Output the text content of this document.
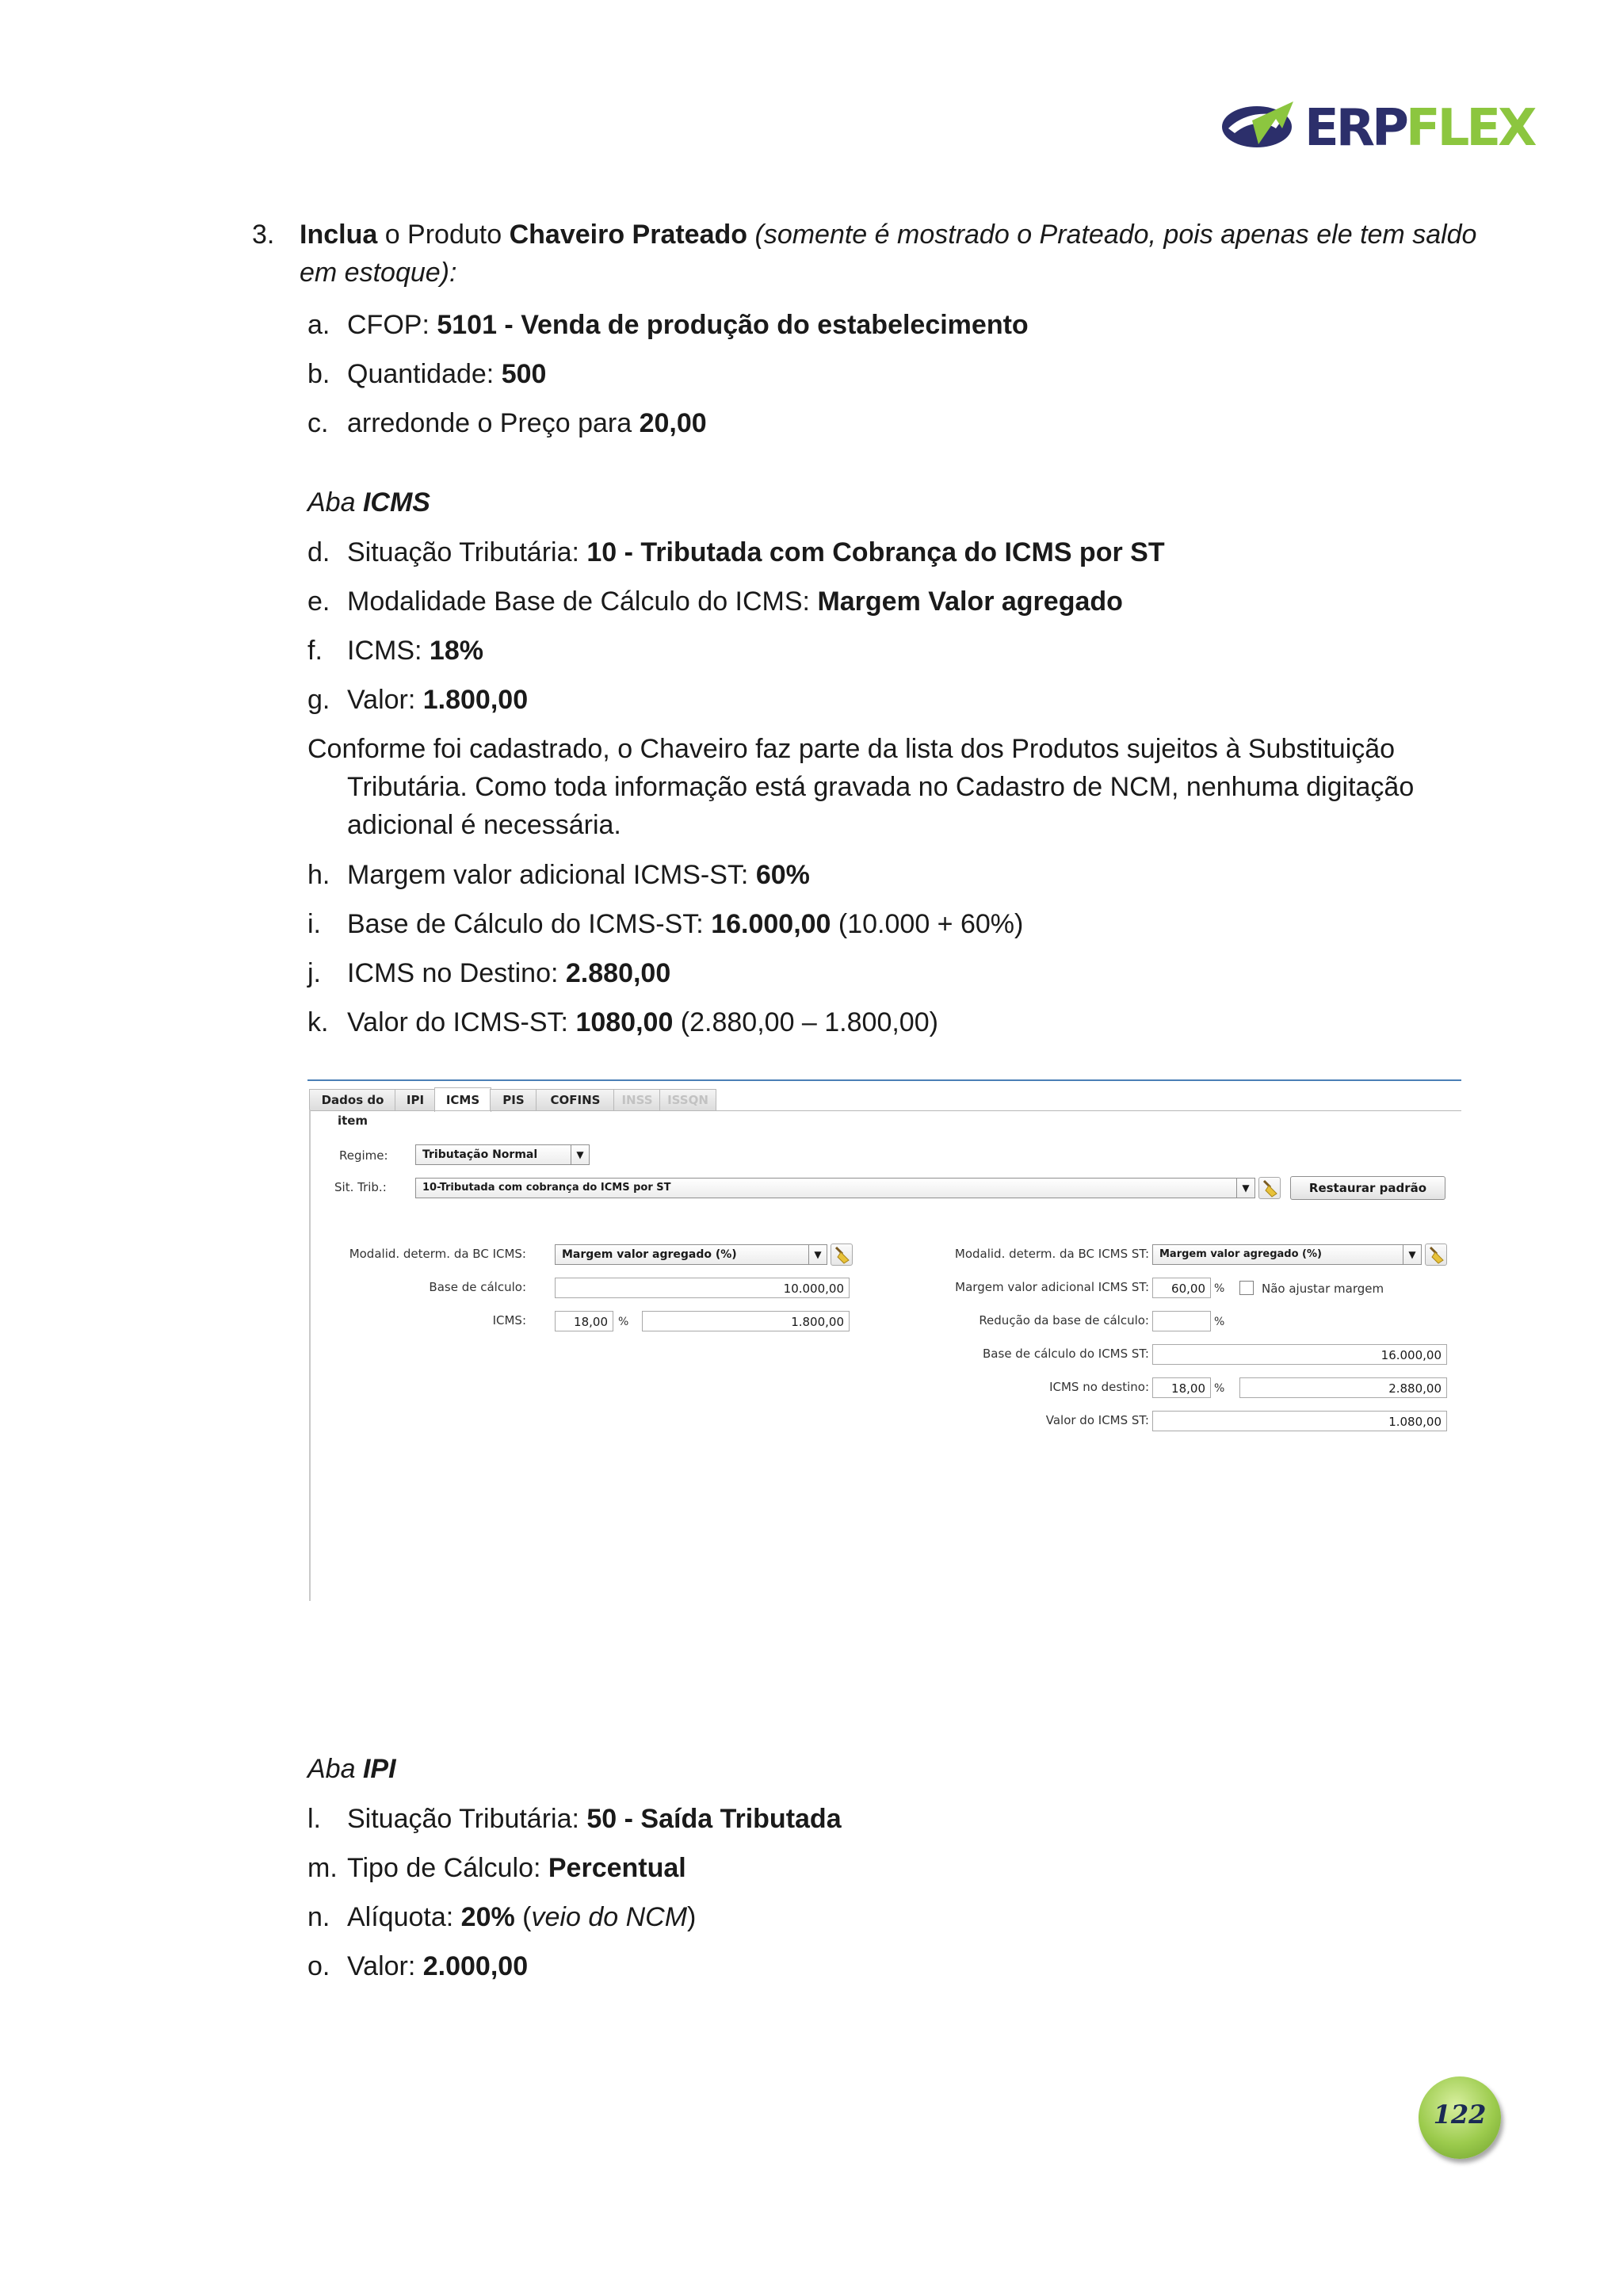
ERPFLEX
3. Inclua o Produto Chaveiro Prateado (somente é mostrado o Prateado, pois apenas ele tem saldo
em estoque):
a. CFOP: 5101 - Venda de produção do estabelecimento
b. Quantidade: 500
c. arredonde o Preço para 20,00
Aba ICMS
d. Situação Tributária: 10 - Tributada com Cobrança do ICMS por ST
e. Modalidade Base de Cálculo do ICMS: Margem Valor agregado
f. ICMS: 18%
g. Valor: 1.800,00
Conforme foi cadastrado, o Chaveiro faz parte da lista dos Produtos sujeitos à Substituição
Tributária. Como toda informação está gravada no Cadastro de NCM, nenhuma digitação
adicional é necessária.
h. Margem valor adicional ICMS-ST: 60%
i. Base de Cálculo do ICMS-ST: 16.000,00 (10.000 + 60%)
j. ICMS no Destino: 2.880,00
k. Valor do ICMS-ST: 1080,00 (2.880,00 – 1.800,00)
Dados do item
IPI	ICMS	PIS	COFINS	INSS	ISSQN
Regime:	Tributação Normal	▼
Sit. Trib.:	10-Tributada com cobrança do ICMS por ST	▼	Restaurar padrão
Modalid. determ. da BC ICMS:	Margem valor agregado (%)	▼
Base de cálculo:	10.000,00
ICMS:	18,00 %	1.800,00
Modalid. determ. da BC ICMS ST:	Margem valor agregado (%)	▼
Margem valor adicional ICMS ST:	60,00 %	Não ajustar margem
Redução da base de cálculo:	%
Base de cálculo do ICMS ST:	16.000,00
ICMS no destino:	18,00 %	2.880,00
Valor do ICMS ST:	1.080,00
Aba IPI
l. Situação Tributária: 50 - Saída Tributada
m. Tipo de Cálculo: Percentual
n. Alíquota: 20% (veio do NCM)
o. Valor: 2.000,00
122
